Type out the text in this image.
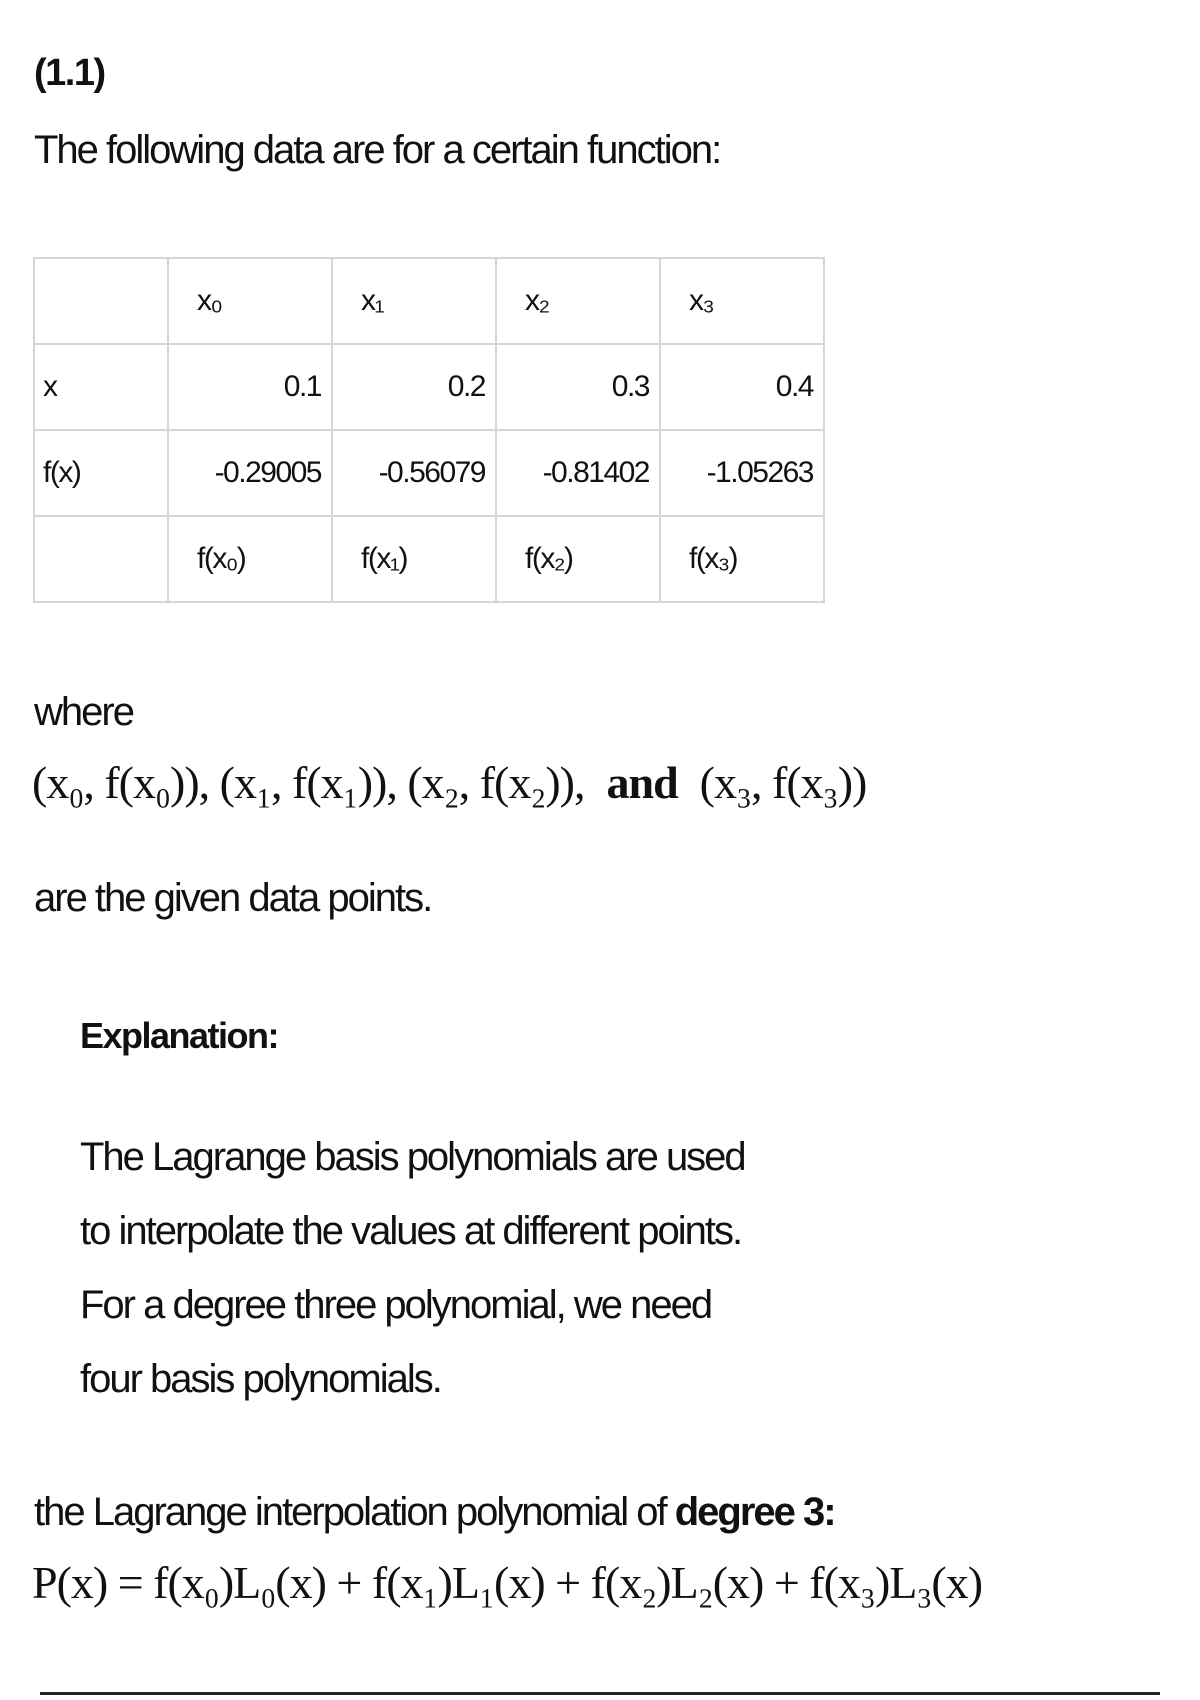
(1.1)
The following data are for a certain function:
	x₀	x₁	x₂	x₃
x	0.1	0.2	0.3	0.4
f(x)	-0.29005	-0.56079	-0.81402	-1.05263
	f(x₀)	f(x₁)	f(x₂)	f(x₃)
where
(x₀, f(x₀)), (x₁, f(x₁)), (x₂, f(x₂)), and (x₃, f(x₃))
are the given data points.
Explanation:

The Lagrange basis polynomials are used to interpolate the values at different points. For a degree three polynomial, we need four basis polynomials.

the Lagrange interpolation polynomial of degree 3:
P(x) = f(x₀)L₀(x) + f(x₁)L₁(x) + f(x₂)L₂(x) + f(x₃)L₃(x)
